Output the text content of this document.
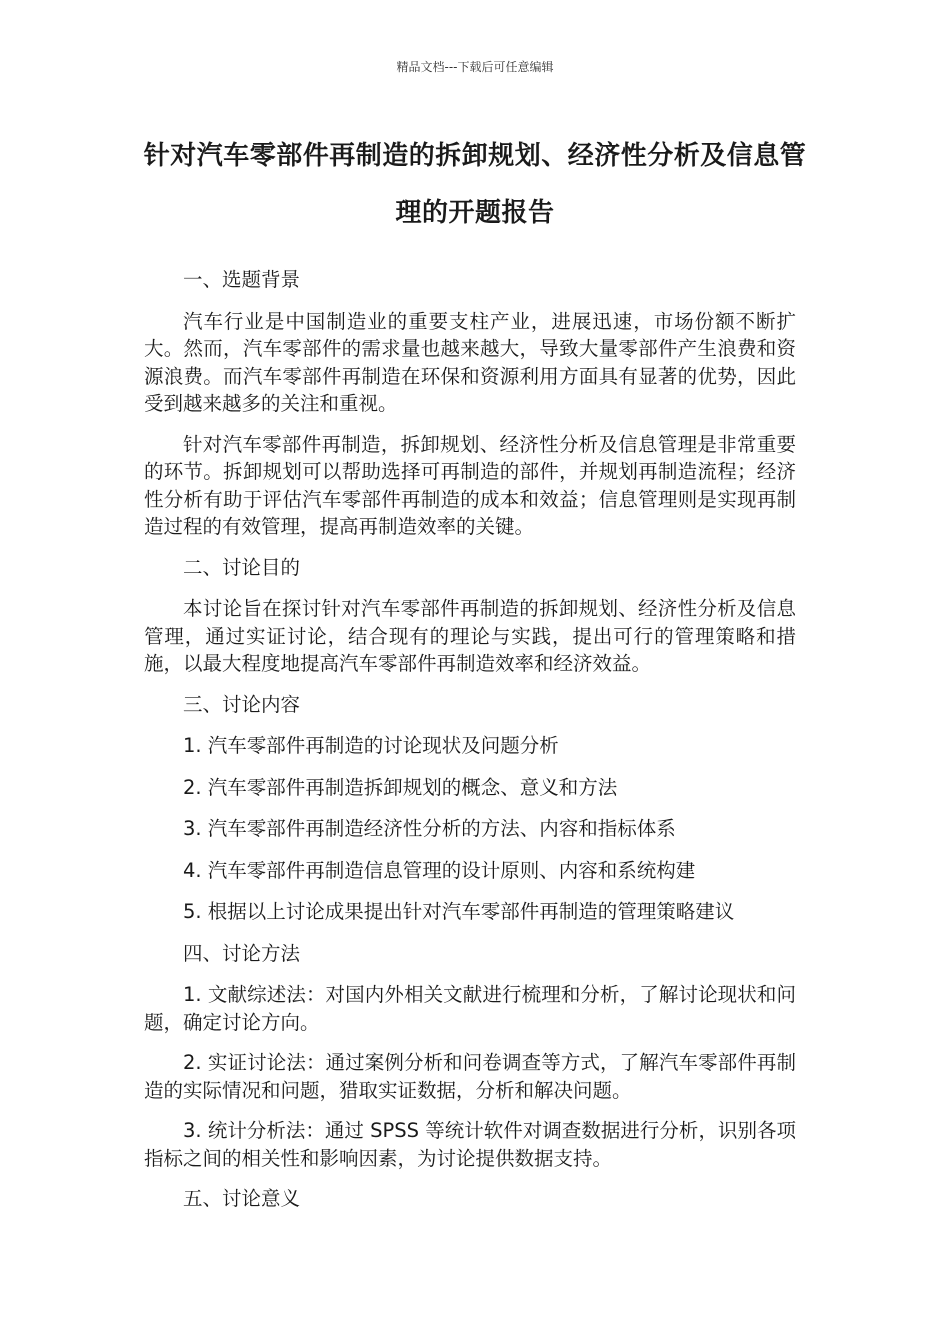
精品文档---下载后可任意编辑
针对汽车零部件再制造的拆卸规划、经济性分析及信息管理的开题报告

一、选题背景

汽车行业是中国制造业的重要支柱产业，进展迅速，市场份额不断扩大。然而，汽车零部件的需求量也越来越大，导致大量零部件产生浪费和资源浪费。而汽车零部件再制造在环保和资源利用方面具有显著的优势，因此受到越来越多的关注和重视。

针对汽车零部件再制造，拆卸规划、经济性分析及信息管理是非常重要的环节。拆卸规划可以帮助选择可再制造的部件，并规划再制造流程；经济性分析有助于评估汽车零部件再制造的成本和效益；信息管理则是实现再制造过程的有效管理，提高再制造效率的关键。

二、讨论目的

本讨论旨在探讨针对汽车零部件再制造的拆卸规划、经济性分析及信息管理，通过实证讨论，结合现有的理论与实践，提出可行的管理策略和措施，以最大程度地提高汽车零部件再制造效率和经济效益。

三、讨论内容

1. 汽车零部件再制造的讨论现状及问题分析

2. 汽车零部件再制造拆卸规划的概念、意义和方法

3. 汽车零部件再制造经济性分析的方法、内容和指标体系

4. 汽车零部件再制造信息管理的设计原则、内容和系统构建

5. 根据以上讨论成果提出针对汽车零部件再制造的管理策略建议

四、讨论方法

1. 文献综述法：对国内外相关文献进行梳理和分析，了解讨论现状和问题，确定讨论方向。

2. 实证讨论法：通过案例分析和问卷调查等方式，了解汽车零部件再制造的实际情况和问题，猎取实证数据，分析和解决问题。

3. 统计分析法：通过 SPSS 等统计软件对调查数据进行分析，识别各项指标之间的相关性和影响因素，为讨论提供数据支持。

五、讨论意义
